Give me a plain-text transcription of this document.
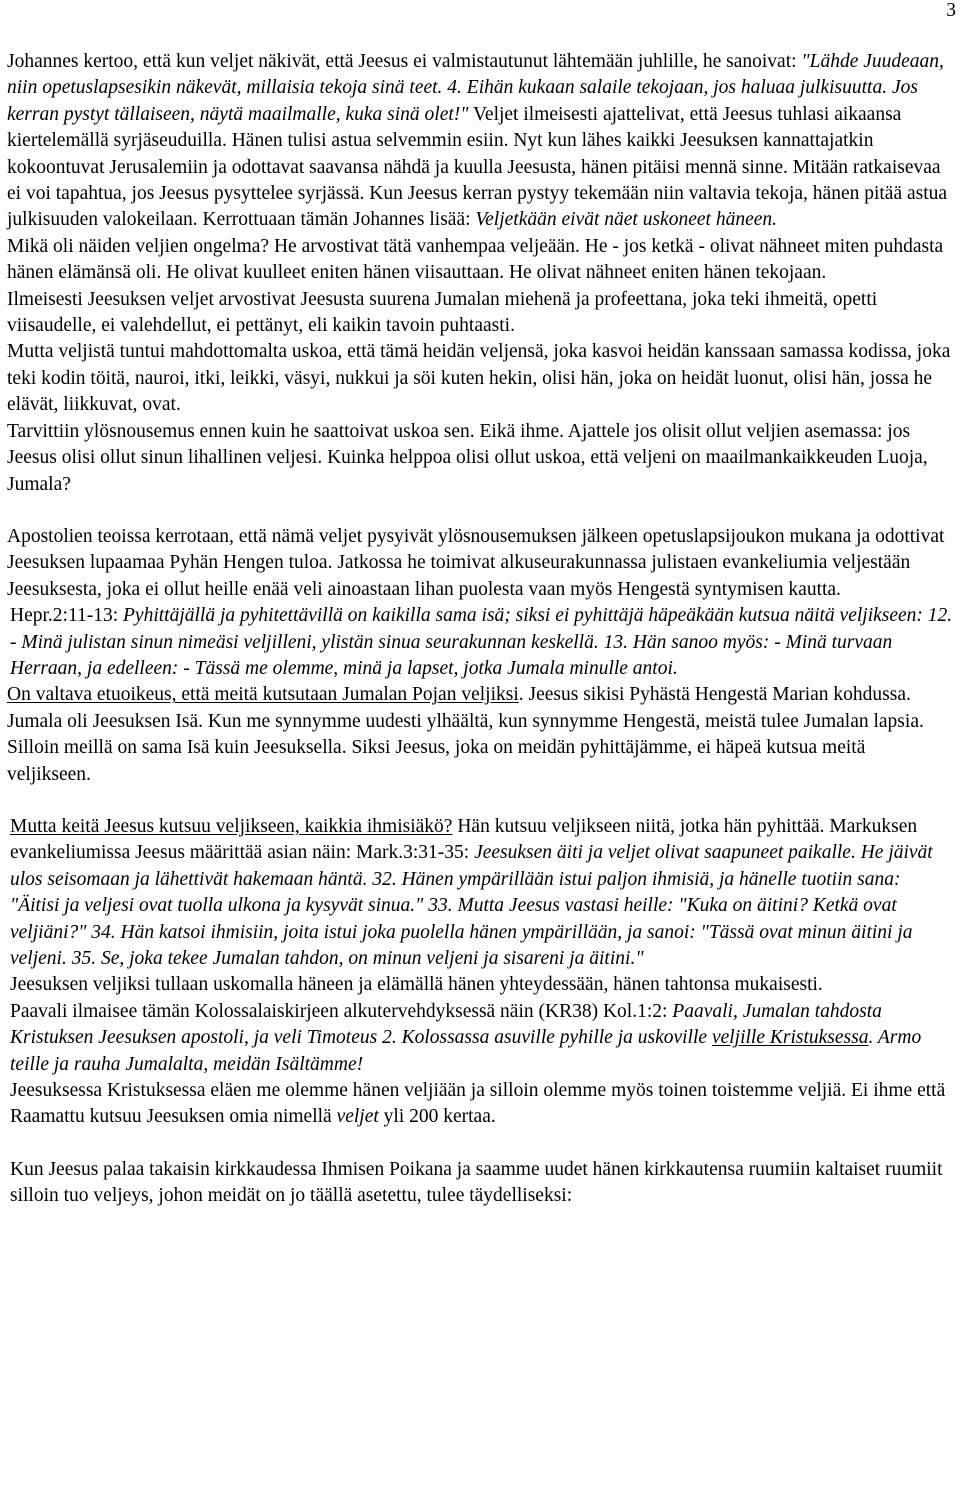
3

Johannes kertoo, että kun veljet näkivät, että Jeesus ei valmistautunut lähtemään juhlille, he sanoivat: "Lähde Juudeaan, niin opetuslapsesikin näkevät, millaisia tekoja sinä teet. 4. Eihän kukaan salaile tekojaan, jos haluaa julkisuutta. Jos kerran pystyt tällaiseen, näytä maailmalle, kuka sinä olet!" Veljet ilmeisesti ajattelivat, että Jeesus tuhlasi aikaansa kiertelemällä syrjäseuduilla. Hänen tulisi astua selvemmin esiin. Nyt kun lähes kaikki Jeesuksen kannattajatkin kokoontuvat Jerusalemiin ja odottavat saavansa nähdä ja kuulla Jeesusta, hänen pitäisi mennä sinne. Mitään ratkaisevaa ei voi tapahtua, jos Jeesus pysyttelee syrjässä. Kun Jeesus kerran pystyy tekemään niin valtavia tekoja, hänen pitää astua julkisuuden valokeilaan. Kerrottuaan tämän Johannes lisää: Veljetkään eivät näet uskoneet häneen.

Mikä oli näiden veljien ongelma? He arvostivat tätä vanhempaa veljeään. He - jos ketkä - olivat nähneet miten puhdasta hänen elämänsä oli. He olivat kuulleet eniten hänen viisauttaan. He olivat nähneet eniten hänen tekojaan.

Ilmeisesti Jeesuksen veljet arvostivat Jeesusta suurena Jumalan miehenä ja profeettana, joka teki ihmeitä, opetti viisaudelle, ei valehdellut, ei pettänyt, eli kaikin tavoin puhtaasti.

Mutta veljistä tuntui mahdottomalta uskoa, että tämä heidän veljensä, joka kasvoi heidän kanssaan samassa kodissa, joka teki kodin töitä, nauroi, itki, leikki, väsyi, nukkui ja söi kuten hekin, olisi hän, joka on heidät luonut, olisi hän, jossa he elävät, liikkuvat, ovat.

Tarvittiin ylösnousemus ennen kuin he saattoivat uskoa sen. Eikä ihme. Ajattele jos olisit ollut veljien asemassa: jos Jeesus olisi ollut sinun lihallinen veljesi. Kuinka helppoa olisi ollut uskoa, että veljeni on maailmankaikkeuden Luoja, Jumala?

Apostolien teoissa kerrotaan, että nämä veljet pysyivät ylösnousemuksen jälkeen opetuslapsijoukon mukana ja odottivat Jeesuksen lupaamaa Pyhän Hengen tuloa. Jatkossa he toimivat alkuseurakunnassa julistaen evankeliumia veljestään Jeesuksesta, joka ei ollut heille enää veli ainoastaan lihan puolesta vaan myös Hengestä syntymisen kautta.

Hepr.2:11-13: Pyhittäjällä ja pyhitettävillä on kaikilla sama isä; siksi ei pyhittäjä häpeäkään kutsua näitä veljikseen: 12. - Minä julistan sinun nimeäsi veljilleni, ylistän sinua seurakunnan keskellä. 13. Hän sanoo myös: - Minä turvaan Herraan, ja edelleen: - Tässä me olemme, minä ja lapset, jotka Jumala minulle antoi.

On valtava etuoikeus, että meitä kutsutaan Jumalan Pojan veljiksi. Jeesus sikisi Pyhästä Hengestä Marian kohdussa. Jumala oli Jeesuksen Isä. Kun me synnymme uudesti ylhäältä, kun synnymme Hengestä, meistä tulee Jumalan lapsia. Silloin meillä on sama Isä kuin Jeesuksella. Siksi Jeesus, joka on meidän pyhittäjämme, ei häpeä kutsua meitä veljikseen.

Mutta keitä Jeesus kutsuu veljikseen, kaikkia ihmisiäkö? Hän kutsuu veljikseen niitä, jotka hän pyhittää. Markuksen evankeliumissa Jeesus määrittää asian näin: Mark.3:31-35: Jeesuksen äiti ja veljet olivat saapuneet paikalle. He jäivät ulos seisomaan ja lähettivät hakemaan häntä. 32. Hänen ympärillään istui paljon ihmisiä, ja hänelle tuotiin sana: "Äitisi ja veljesi ovat tuolla ulkona ja kysyvät sinua." 33. Mutta Jeesus vastasi heille: "Kuka on äitini? Ketkä ovat veljiäni?" 34. Hän katsoi ihmisiin, joita istui joka puolella hänen ympärillään, ja sanoi: "Tässä ovat minun äitini ja veljeni. 35. Se, joka tekee Jumalan tahdon, on minun veljeni ja sisareni ja äitini."

Jeesuksen veljiksi tullaan uskomalla häneen ja elämällä hänen yhteydessään, hänen tahtonsa mukaisesti.

Paavali ilmaisee tämän Kolossalaiskirjeen alkutervehdyksessä näin (KR38) Kol.1:2: Paavali, Jumalan tahdosta Kristuksen Jeesuksen apostoli, ja veli Timoteus 2. Kolossassa asuville pyhille ja uskoville veljille Kristuksessa. Armo teille ja rauha Jumalalta, meidän Isältämme!

Jeesuksessa Kristuksessa eläen me olemme hänen veljiään ja silloin olemme myös toinen toistemme veljiä. Ei ihme että Raamattu kutsuu Jeesuksen omia nimellä veljet yli 200 kertaa.

Kun Jeesus palaa takaisin kirkkaudessa Ihmisen Poikana ja saamme uudet hänen kirkkautensa ruumiin kaltaiset ruumiit silloin tuo veljeys, johon meidät on jo täällä asetettu, tulee täydelliseksi:
